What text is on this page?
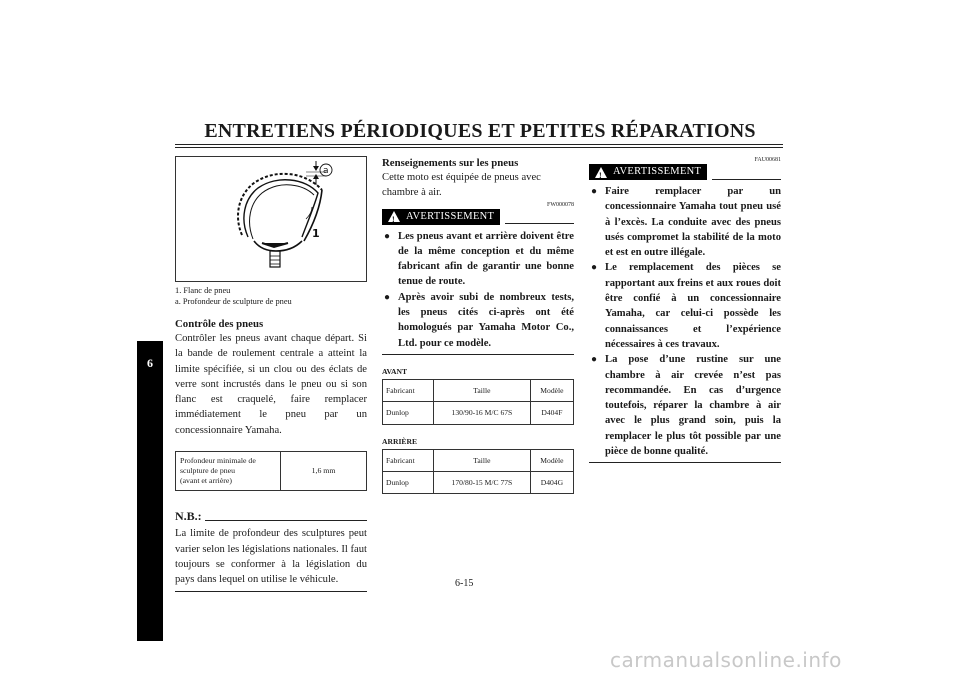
ENTRETIENS PÉRIODIQUES ET PETITES RÉPARATIONS
6
a
1
1. Flanc de pneu
a. Profondeur de sculpture de pneu
Contrôle des pneus

Contrôler les pneus avant chaque départ. Si la bande de roulement centrale a atteint la limite spécifiée, si un clou ou des éclats de verre sont incrustés dans le pneu ou si son flanc est craquelé, faire remplacer immédiatement le pneu par un concessionnaire Yamaha.

Profondeur minimale de
sculpture de pneu
(avant et arrière)
	1,6 mm
N.B.:

La limite de profondeur des sculptures peut varier selon les législations nationales. Il faut toujours se conformer à la législation du pays dans lequel on utilise le véhicule.

Renseignements sur les pneus

Cette moto est équipée de pneus avec chambre à air.

FW000078
! AVERTISSEMENT
● Les pneus avant et arrière doivent être de la même conception et du même fabricant afin de garantir une bonne tenue de route.
● Après avoir subi de nombreux tests, les pneus cités ci-après ont été homologués par Yamaha Motor Co., Ltd. pour ce modèle.
AVANT
Fabricant	Taille	Modèle
Dunlop	130/90-16 M/C 67S	D404F
ARRIÈRE
Fabricant	Taille	Modèle
Dunlop	170/80-15 M/C 77S	D404G
FAU00681
! AVERTISSEMENT
● Faire remplacer par un concessionnaire Yamaha tout pneu usé à l’excès. La conduite avec des pneus usés compromet la stabilité de la moto et est en outre illégale.
● Le remplacement des pièces se rapportant aux freins et aux roues doit être confié à un concessionnaire Yamaha, car celui-ci possède les connaissances et l’expérience nécessaires à ces travaux.
● La pose d’une rustine sur une chambre à air crevée n’est pas recommandée. En cas d’urgence toutefois, réparer la chambre à air avec le plus grand soin, puis la remplacer le plus tôt possible par une pièce de bonne qualité.
6-15
carmanualsonline.info
